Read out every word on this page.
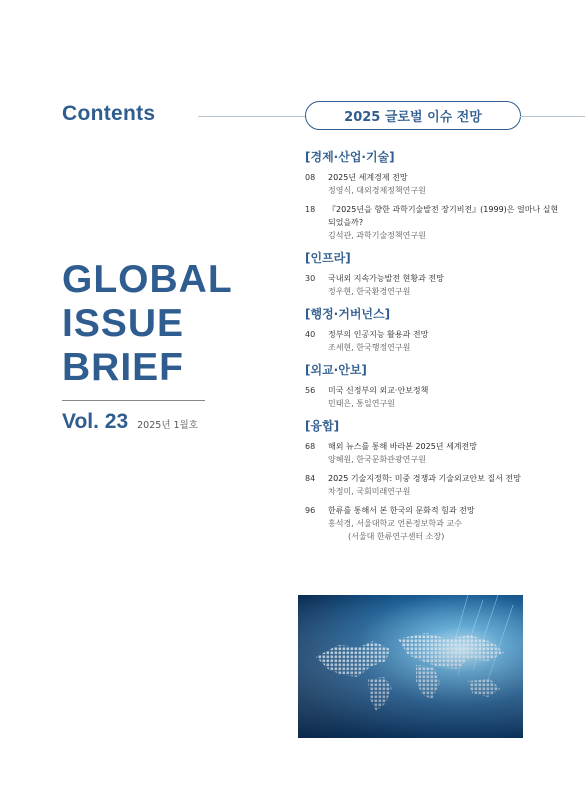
Contents	2025 글로벌 이슈 전망
GLOBAL
ISSUE
BRIEF
Vol. 23 2025년 1월호
[경제·산업·기술]
08	2025년 세계경제 전망
정영식, 대외경제정책연구원
18	『2025년을 향한 과학기술발전 장기비전』(1999)은 얼마나 실현되었을까?
김석관, 과학기술정책연구원
[인프라]
30	국내외 지속가능발전 현황과 전망
정우현, 한국환경연구원
[행정·거버넌스]
40	정부의 인공지능 활용과 전망
조세현, 한국행정연구원
[외교·안보]
56	미국 신정부의 외교·안보정책
민태은, 통일연구원
[융합]
68	해외 뉴스를 통해 바라본 2025년 세계전망
양혜원, 한국문화관광연구원
84	2025 기술지정학: 미중 경쟁과 기술외교안보 질서 전망
차정미, 국회미래연구원
96	한류를 통해서 본 한국의 문화적 힘과 전망
홍석경, 서울대학교 언론정보학과 교수
(서울대 한류연구센터 소장)
